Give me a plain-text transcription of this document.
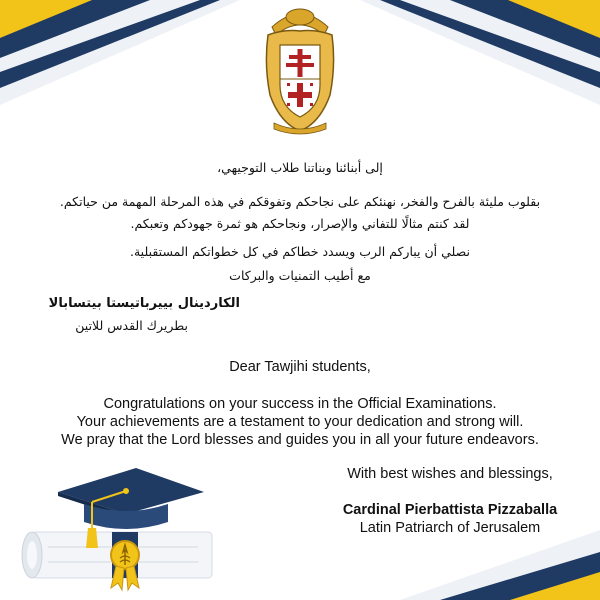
إلى أبنائنا وبناتنا طلاب التوجيهي،
بقلوب مليئة بالفرح والفخر، نهنئكم على نجاحكم وتفوقكم في هذه المرحلة المهمة من حياتكم.
لقد كنتم مثالًا للتفاني والإصرار، ونجاحكم هو ثمرة جهودكم وتعبكم.
نصلي أن يباركم الرب ويسدد خطاكم في كل خطواتكم المستقبلية.
مع أطيب التمنيات والبركات
الكاردينال بييرباتيستا بيتسابالا
بطريرك القدس للاتين
Dear Tawjihi students,
Congratulations on your success in the Official Examinations.
Your achievements are a testament to your dedication and strong will.
We pray that the Lord blesses and guides you in all your future endeavors.
With best wishes and blessings,
Cardinal Pierbattista Pizzaballa
Latin Patriarch of Jerusalem
